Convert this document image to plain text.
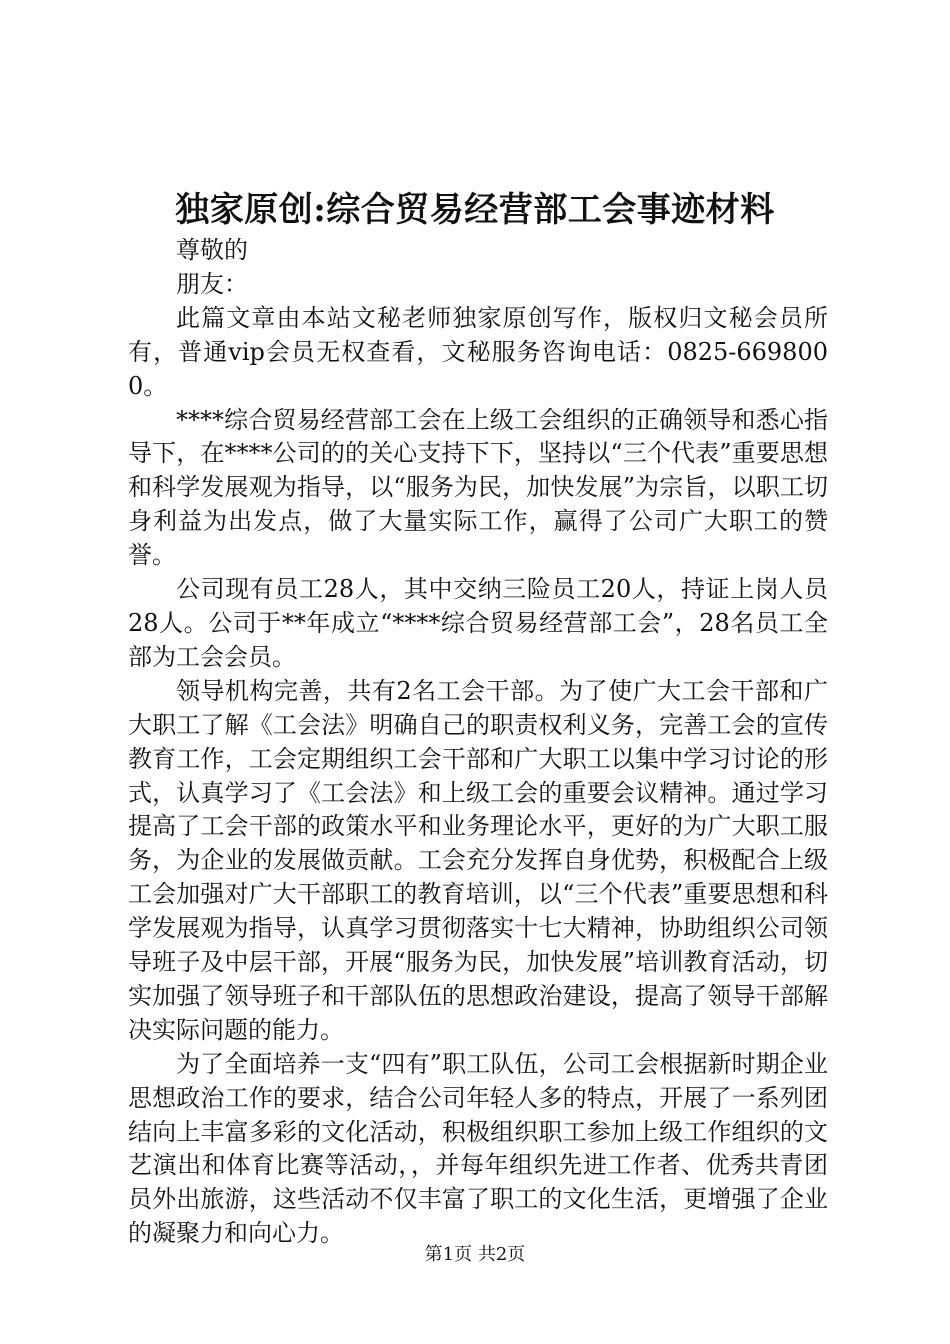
独家原创:综合贸易经营部工会事迹材料

尊敬的

朋友：

此篇文章由本站文秘老师独家原创写作，版权归文秘会员所有，普通vip会员无权查看，文秘服务咨询电话：0825-6698000。

****综合贸易经营部工会在上级工会组织的正确领导和悉心指导下，在****公司的的关心支持下下，坚持以“三个代表”重要思想和科学发展观为指导，以“服务为民，加快发展”为宗旨，以职工切身利益为出发点，做了大量实际工作，赢得了公司广大职工的赞誉。

公司现有员工28人，其中交纳三险员工20人，持证上岗人员28人。公司于**年成立“****综合贸易经营部工会”，28名员工全部为工会会员。

领导机构完善，共有2名工会干部。为了使广大工会干部和广大职工了解《工会法》明确自己的职责权利义务，完善工会的宣传教育工作，工会定期组织工会干部和广大职工以集中学习讨论的形式，认真学习了《工会法》和上级工会的重要会议精神。通过学习提高了工会干部的政策水平和业务理论水平，更好的为广大职工服务，为企业的发展做贡献。工会充分发挥自身优势，积极配合上级工会加强对广大干部职工的教育培训，以“三个代表”重要思想和科学发展观为指导，认真学习贯彻落实十七大精神，协助组织公司领导班子及中层干部，开展“服务为民，加快发展”培训教育活动，切实加强了领导班子和干部队伍的思想政治建设，提高了领导干部解决实际问题的能力。

为了全面培养一支“四有”职工队伍，公司工会根据新时期企业思想政治工作的要求，结合公司年轻人多的特点，开展了一系列团结向上丰富多彩的文化活动，积极组织职工参加上级工作组织的文艺演出和体育比赛等活动，，并每年组织先进工作者、优秀共青团员外出旅游，这些活动不仅丰富了职工的文化生活，更增强了企业的凝聚力和向心力。

第1页 共2页
